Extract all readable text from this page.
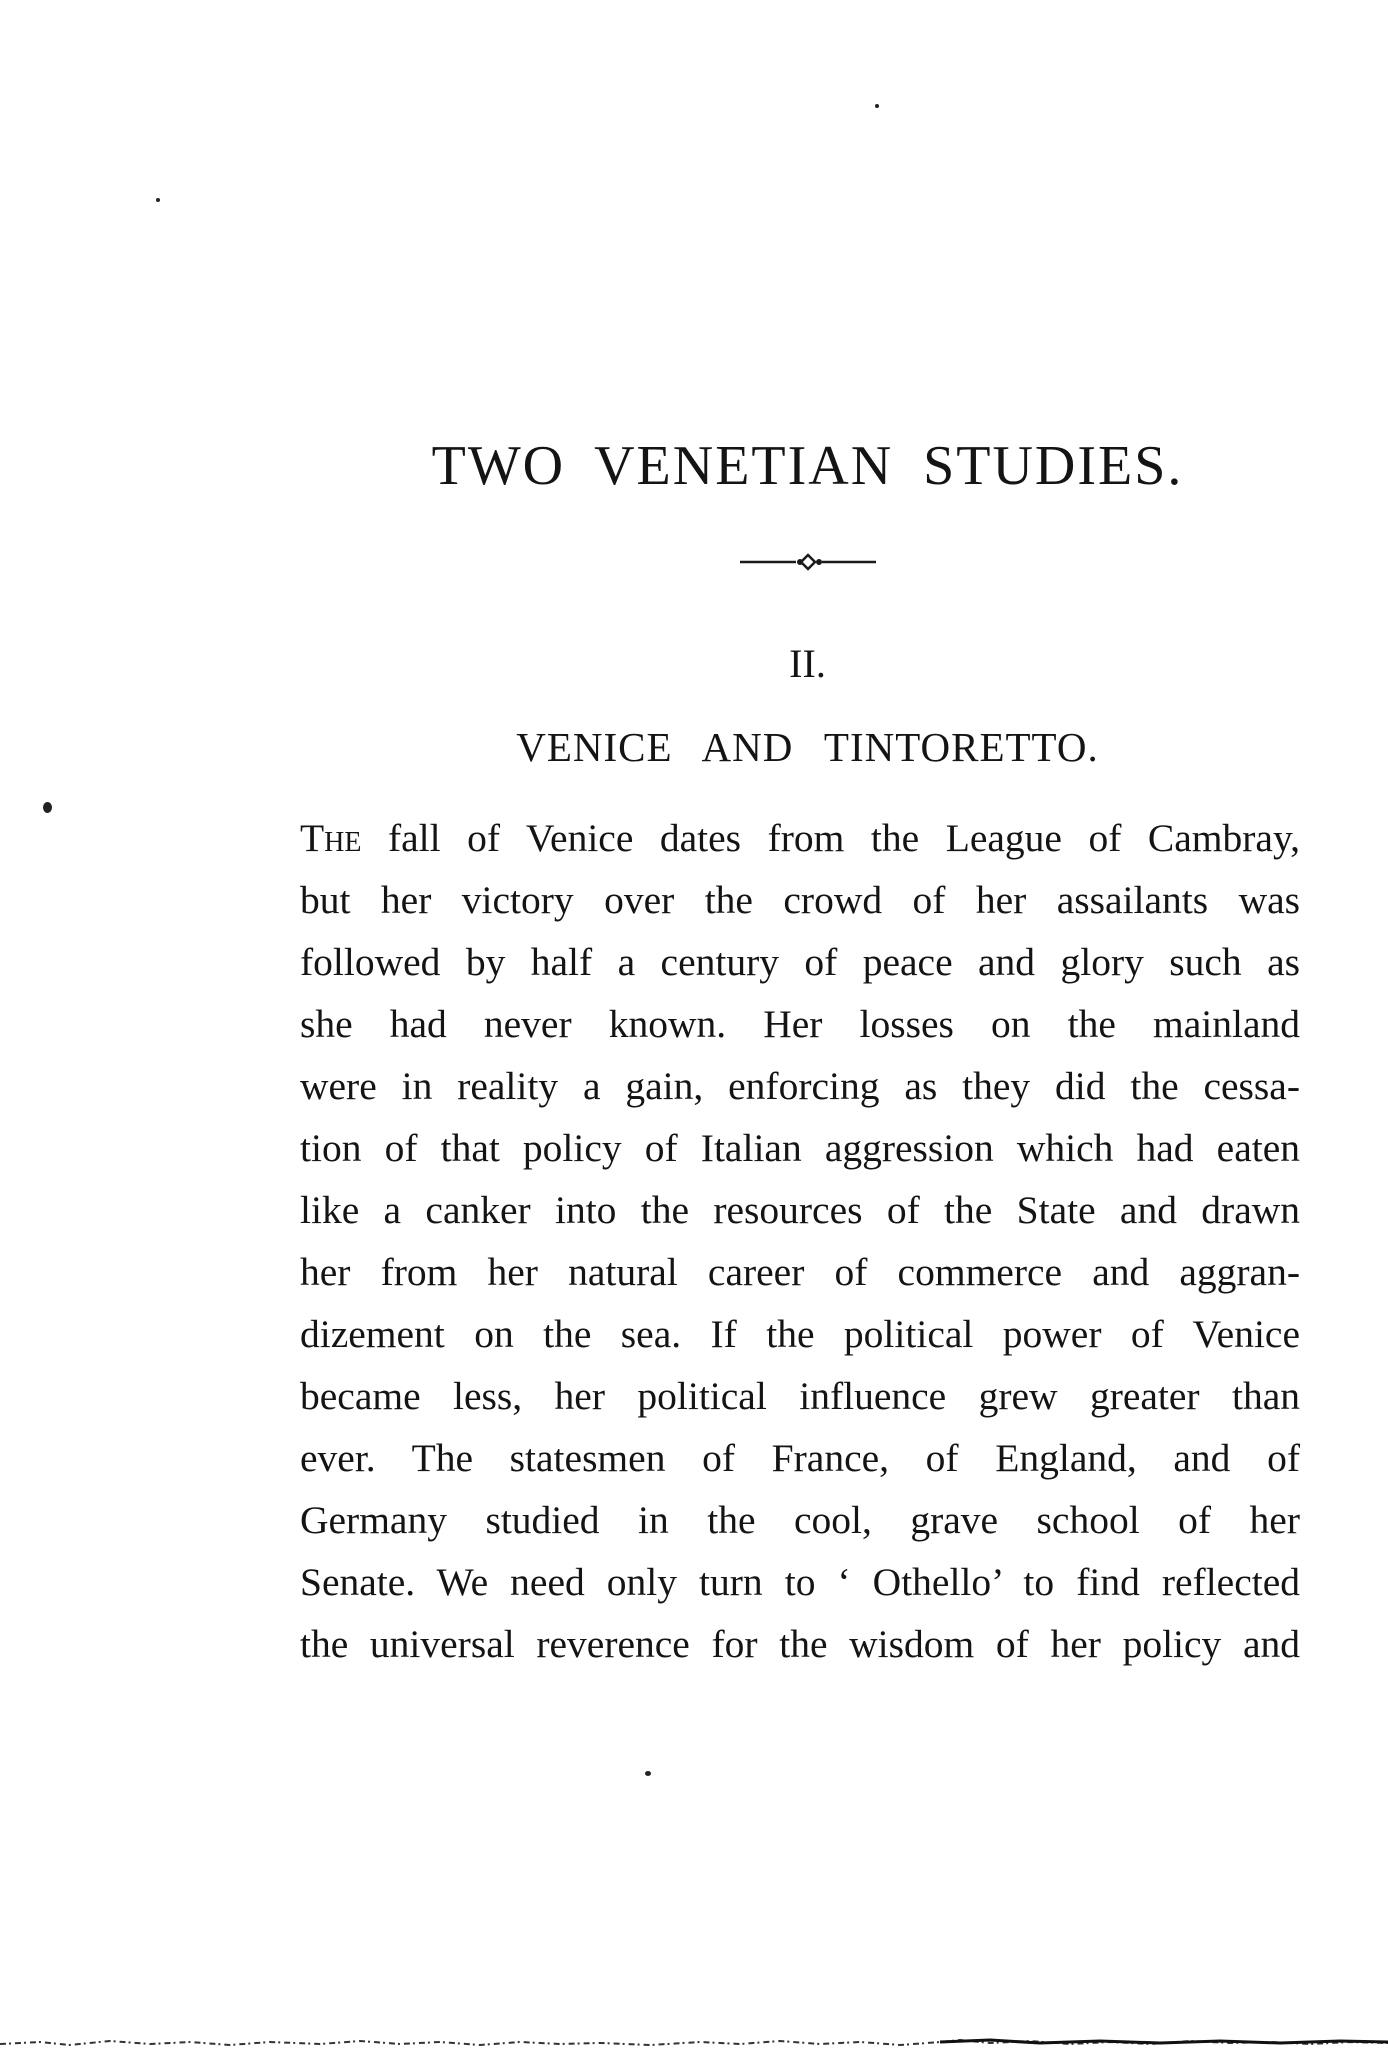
TWO VENETIAN STUDIES.
II.
VENICE AND TINTORETTO.
The fall of Venice dates from the League of Cambray,
but her victory over the crowd of her assailants was
followed by half a century of peace and glory such as
she had never known. Her losses on the mainland
were in reality a gain, enforcing as they did the cessa-
tion of that policy of Italian aggression which had eaten
like a canker into the resources of the State and drawn
her from her natural career of commerce and aggran-
dizement on the sea. If the political power of Venice
became less, her political influence grew greater than
ever. The statesmen of France, of England, and of
Germany studied in the cool, grave school of her
Senate. We need only turn to ‘ Othello’ to find reflected
the universal reverence for the wisdom of her policy and
